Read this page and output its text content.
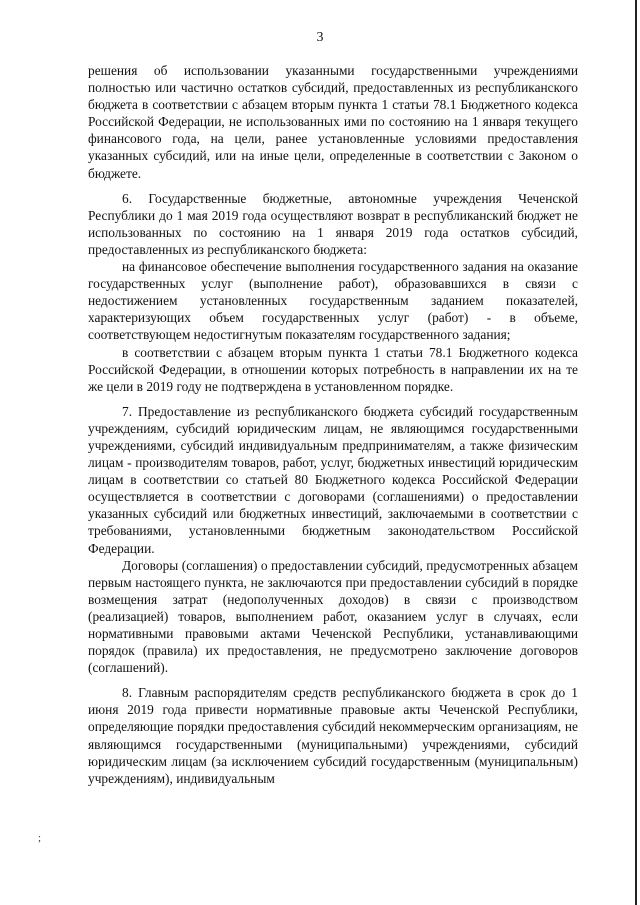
3

решения об использовании указанными государственными учреждениями полностью или частично остатков субсидий, предоставленных из республиканского бюджета в соответствии с абзацем вторым пункта 1 статьи 78.1 Бюджетного кодекса Российской Федерации, не использованных ими по состоянию на 1 января текущего финансового года, на цели, ранее установленные условиями предоставления указанных субсидий, или на иные цели, определенные в соответствии с Законом о бюджете.

6. Государственные бюджетные, автономные учреждения Чеченской Республики до 1 мая 2019 года осуществляют возврат в республиканский бюджет не использованных по состоянию на 1 января 2019 года остатков субсидий, предоставленных из республиканского бюджета:

на финансовое обеспечение выполнения государственного задания на оказание государственных услуг (выполнение работ), образовавшихся в связи с недостижением установленных государственным заданием показателей, характеризующих объем государственных услуг (работ) - в объеме, соответствующем недостигнутым показателям государственного задания;

в соответствии с абзацем вторым пункта 1 статьи 78.1 Бюджетного кодекса Российской Федерации, в отношении которых потребность в направлении их на те же цели в 2019 году не подтверждена в установленном порядке.

7. Предоставление из республиканского бюджета субсидий государственным учреждениям, субсидий юридическим лицам, не являющимся государственными учреждениями, субсидий индивидуальным предпринимателям, а также физическим лицам - производителям товаров, работ, услуг, бюджетных инвестиций юридическим лицам в соответствии со статьей 80 Бюджетного кодекса Российской Федерации осуществляется в соответствии с договорами (соглашениями) о предоставлении указанных субсидий или бюджетных инвестиций, заключаемыми в соответствии с требованиями, установленными бюджетным законодательством Российской Федерации.

Договоры (соглашения) о предоставлении субсидий, предусмотренных абзацем первым настоящего пункта, не заключаются при предоставлении субсидий в порядке возмещения затрат (недополученных доходов) в связи с производством (реализацией) товаров, выполнением работ, оказанием услуг в случаях, если нормативными правовыми актами Чеченской Республики, устанавливающими порядок (правила) их предоставления, не предусмотрено заключение договоров (соглашений).

8. Главным распорядителям средств республиканского бюджета в срок до 1 июня 2019 года привести нормативные правовые акты Чеченской Республики, определяющие порядки предоставления субсидий некоммерческим организациям, не являющимся государственными (муниципальными) учреждениями, субсидий юридическим лицам (за исключением субсидий государственным (муниципальным) учреждениям), индивидуальным

;
